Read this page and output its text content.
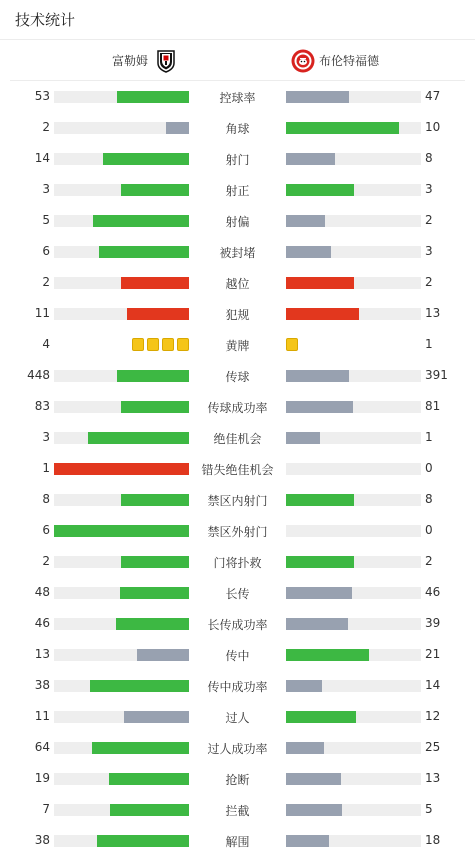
技术统计
富勒姆	布伦特福德
53	控球率	47
2	角球	10
14	射门	8
3	射正	3
5	射偏	2
6	被封堵	3
2	越位	2
11	犯规	13
4	黄牌	1
448	传球	391
83	传球成功率	81
3	绝佳机会	1
1	错失绝佳机会	0
8	禁区内射门	8
6	禁区外射门	0
2	门将扑救	2
48	长传	46
46	长传成功率	39
13	传中	21
38	传中成功率	14
11	过人	12
64	过人成功率	25
19	抢断	13
7	拦截	5
38	解围	18
